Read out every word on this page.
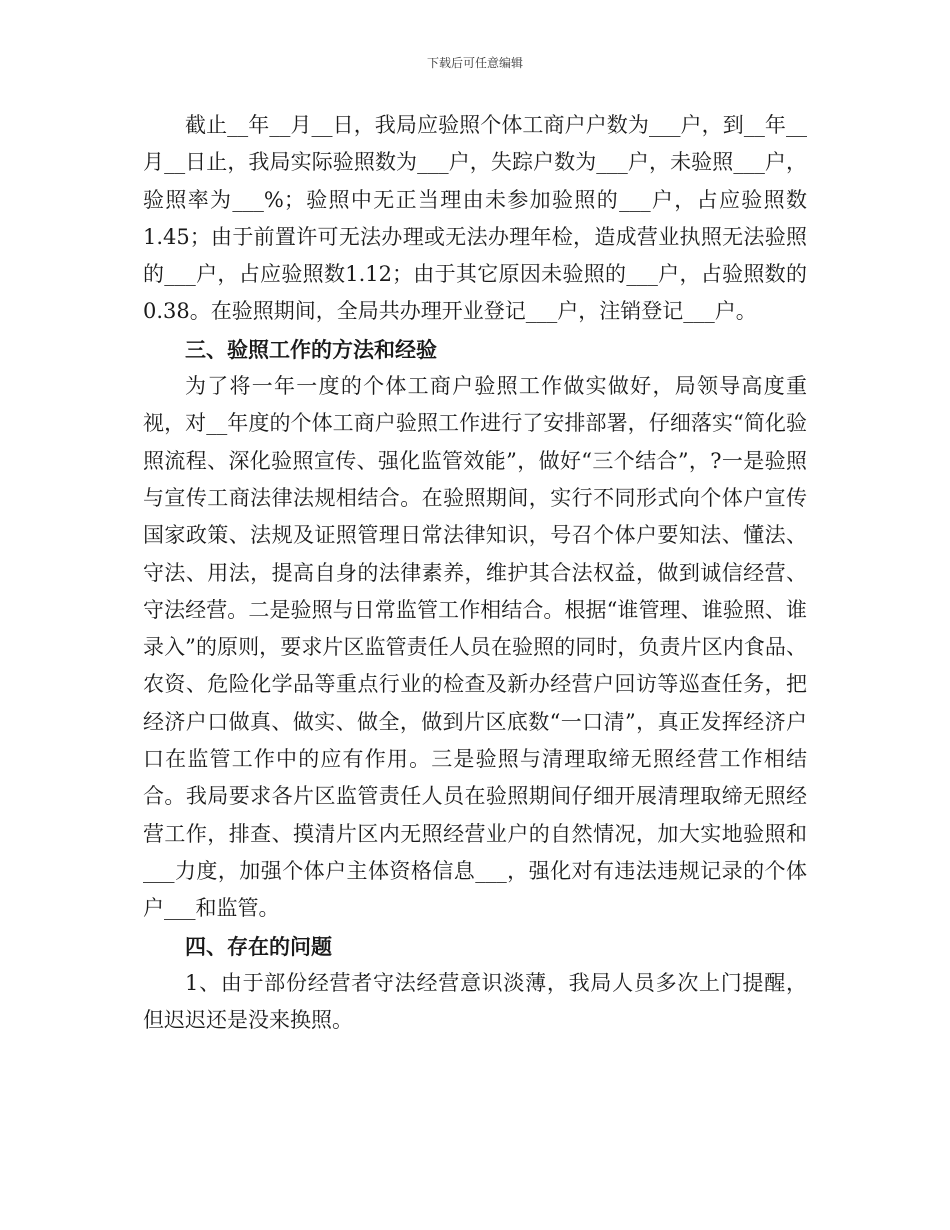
下载后可任意编辑

截止__年__月__日，我局应验照个体工商户户数为___户，到__年__月__日止，我局实际验照数为___户，失踪户数为___户，未验照___户，验照率为___%；验照中无正当理由未参加验照的___户，占应验照数1.45；由于前置许可无法办理或无法办理年检，造成营业执照无法验照的___户，占应验照数1.12；由于其它原因未验照的___户，占验照数的0.38。在验照期间，全局共办理开业登记___户，注销登记___户。

三、验照工作的方法和经验

为了将一年一度的个体工商户验照工作做实做好，局领导高度重视，对__年度的个体工商户验照工作进行了安排部署，仔细落实“简化验照流程、深化验照宣传、强化监管效能”，做好“三个结合”，?一是验照与宣传工商法律法规相结合。在验照期间，实行不同形式向个体户宣传国家政策、法规及证照管理日常法律知识，号召个体户要知法、懂法、守法、用法，提高自身的法律素养，维护其合法权益，做到诚信经营、守法经营。二是验照与日常监管工作相结合。根据“谁管理、谁验照、谁录入”的原则，要求片区监管责任人员在验照的同时，负责片区内食品、农资、危险化学品等重点行业的检查及新办经营户回访等巡查任务，把经济户口做真、做实、做全，做到片区底数“一口清”，真正发挥经济户口在监管工作中的应有作用。三是验照与清理取缔无照经营工作相结合。我局要求各片区监管责任人员在验照期间仔细开展清理取缔无照经营工作，排查、摸清片区内无照经营业户的自然情况，加大实地验照和___力度，加强个体户主体资格信息___，强化对有违法违规记录的个体户___和监管。

四、存在的问题

1、由于部份经营者守法经营意识淡薄，我局人员多次上门提醒，但迟迟还是没来换照。
